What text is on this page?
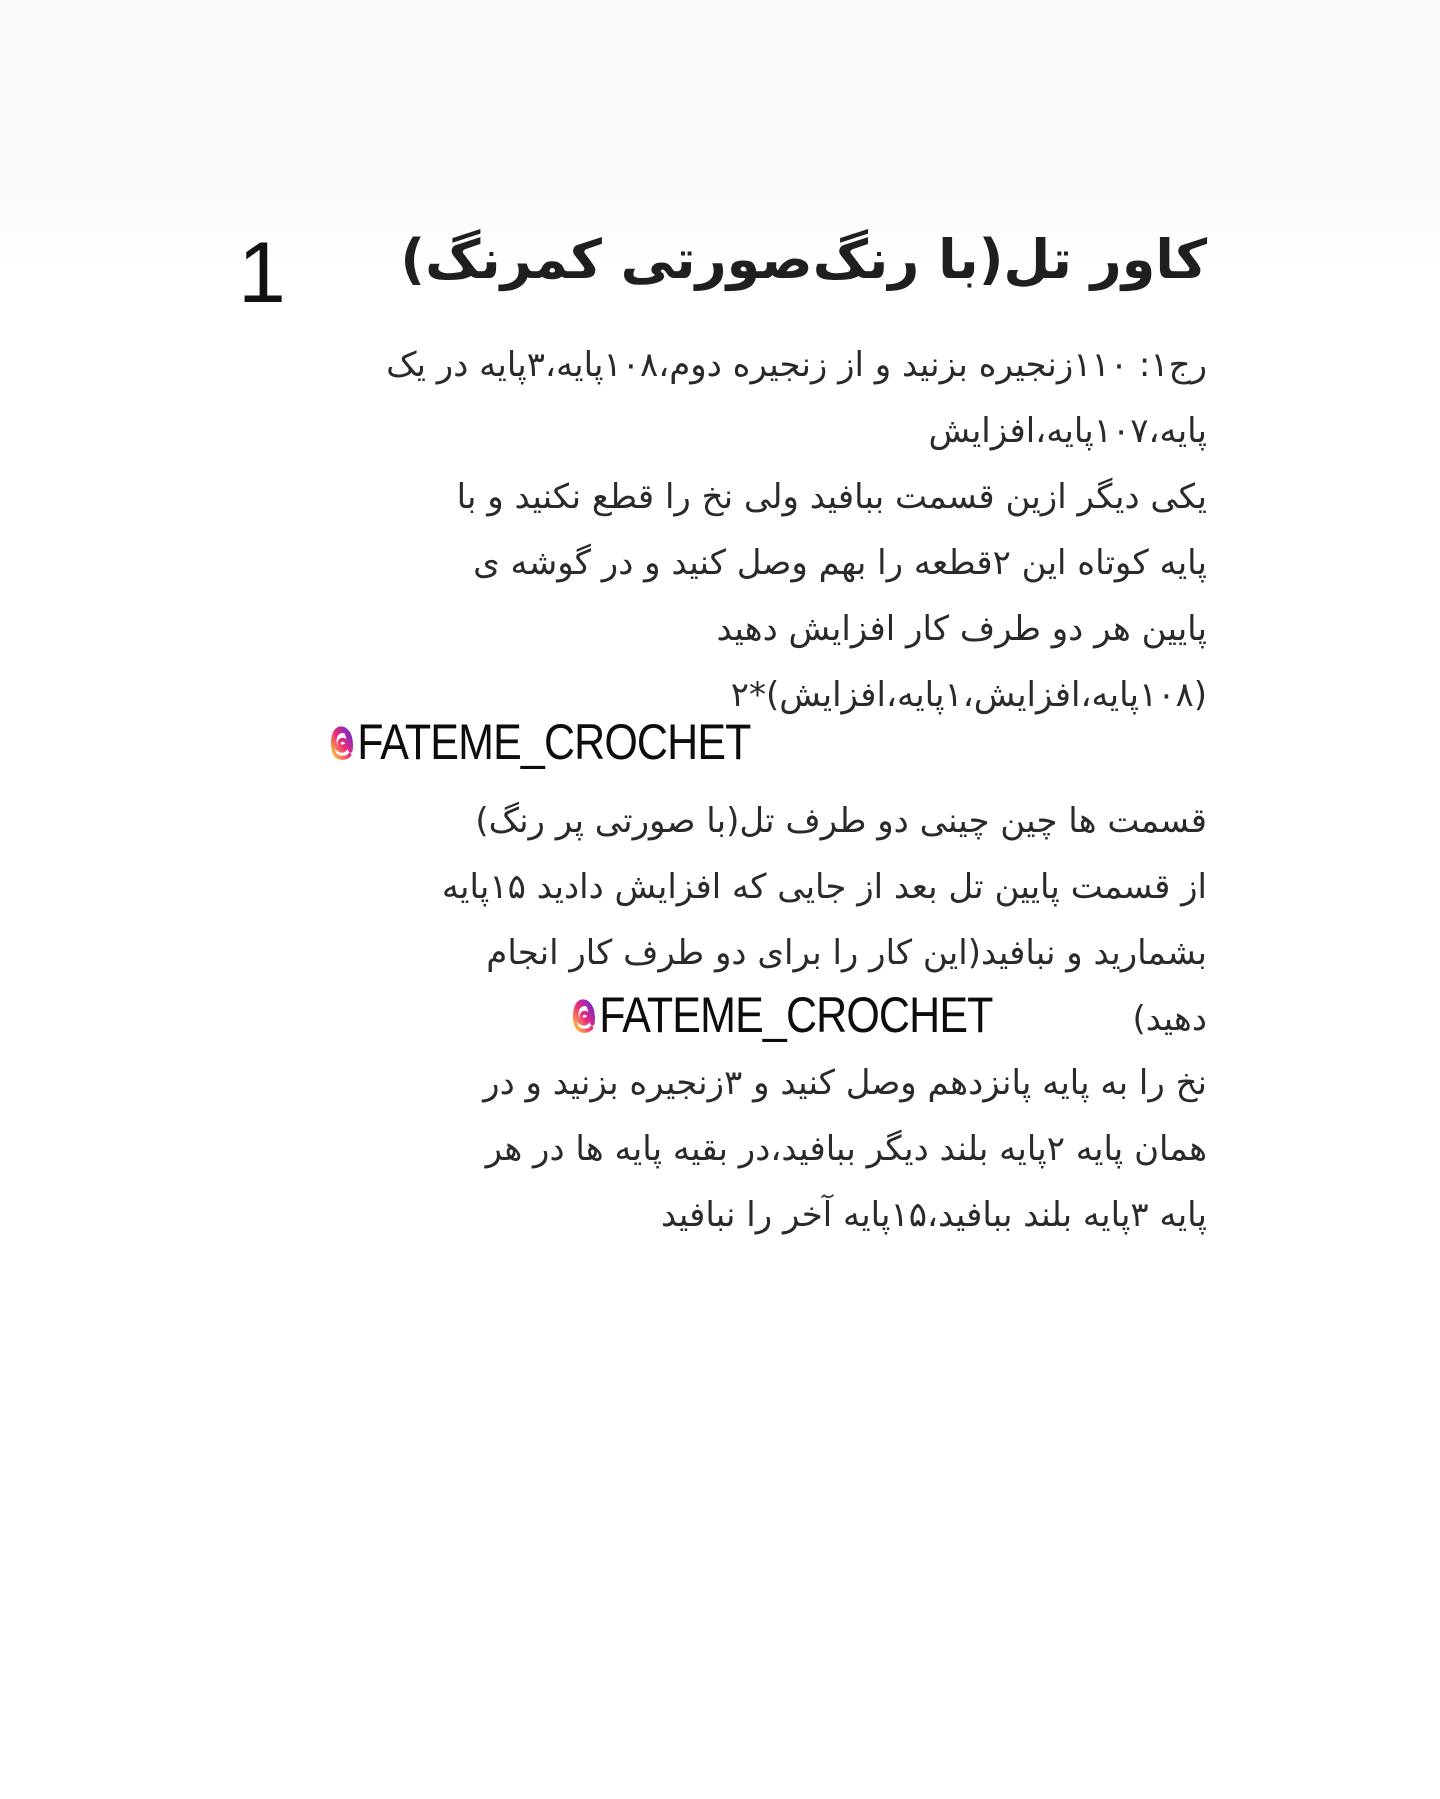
1	کاور تل(با رنگ‌صورتی کمرنگ)
رج۱: ۱۱۰زنجیره بزنید و از زنجیره دوم،۱۰۸پایه،۳پایه در یک
پایه،۱۰۷پایه،افزایش
یکی دیگر ازین قسمت ببافید ولی نخ را قطع نکنید و با
پایه کوتاه این ۲قطعه را بهم وصل کنید و در گوشه ی
پایین هر دو طرف کار افزایش دهید
(۱۰۸پایه،افزایش،۱پایه،افزایش)*۲
FATEME_CROCHET
قسمت ها چین چینی دو طرف تل(با صورتی پر رنگ)
از قسمت پایین تل بعد از جایی که افزایش دادید ۱۵پایه
بشمارید و نبافید(این کار را برای دو طرف کار انجام
دهید)
FATEME_CROCHET
نخ را به پایه پانزدهم وصل کنید و ۳زنجیره بزنید و در
همان پایه ۲پایه بلند دیگر ببافید،در بقیه پایه ها در هر
پایه ۳پایه بلند ببافید،۱۵پایه آخر را نبافید
